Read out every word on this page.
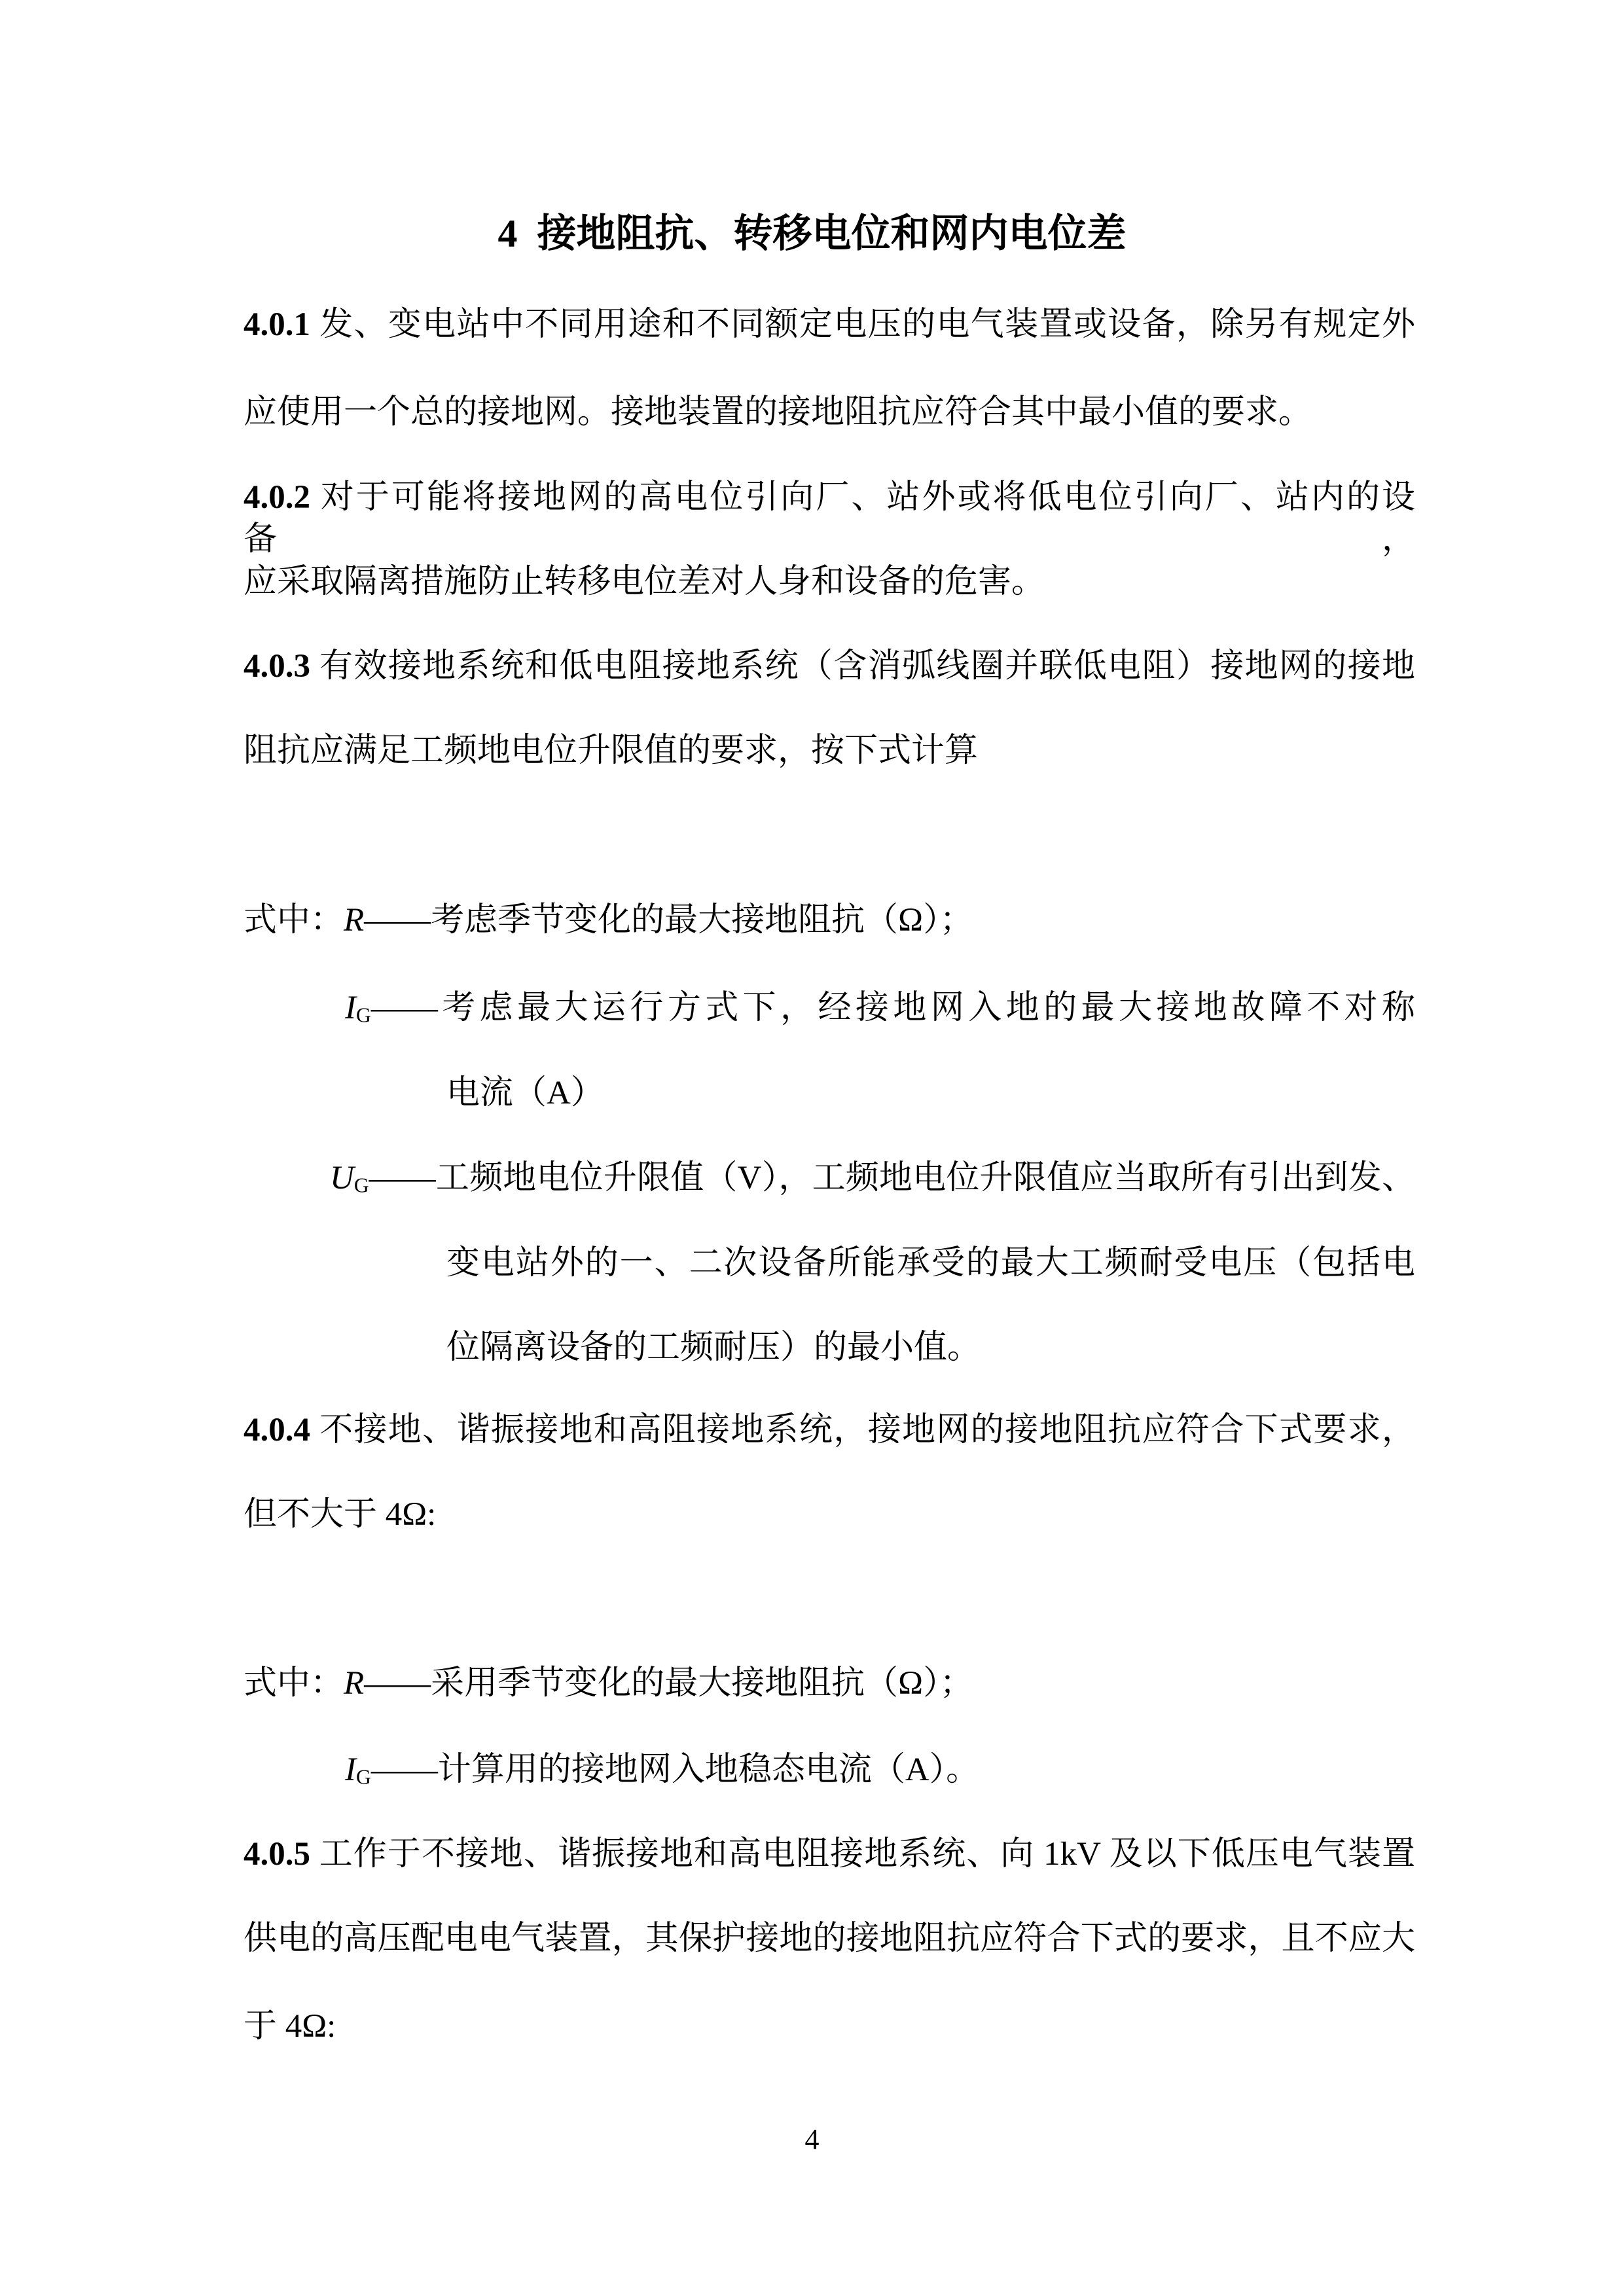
4 接地阻抗、转移电位和网内电位差
4
4.0.1 发、变电站中不同用途和不同额定电压的电气装置或设备，除另有规定外
应使用一个总的接地网。接地装置的接地阻抗应符合其中最小值的要求。
4.0.2 对于可能将接地网的高电位引向厂、站外或将低电位引向厂、站内的设备，
应采取隔离措施防止转移电位差对人身和设备的危害。
4.0.3 有效接地系统和低电阻接地系统（含消弧线圈并联低电阻）接地网的接地
阻抗应满足工频地电位升限值的要求，按下式计算
式中：R——考虑季节变化的最大接地阻抗（Ω）；
IG——考虑最大运行方式下，经接地网入地的最大接地故障不对称
电流（A）
UG——工频地电位升限值（V），工频地电位升限值应当取所有引出到发、
变电站外的一、二次设备所能承受的最大工频耐受电压（包括电
位隔离设备的工频耐压）的最小值。
4.0.4 不接地、谐振接地和高阻接地系统，接地网的接地阻抗应符合下式要求，
但不大于 4Ω:
式中：R——采用季节变化的最大接地阻抗（Ω）；
IG——计算用的接地网入地稳态电流（A）。
4.0.5 工作于不接地、谐振接地和高电阻接地系统、向 1kV 及以下低压电气装置
供电的高压配电电气装置，其保护接地的接地阻抗应符合下式的要求，且不应大
于 4Ω:
